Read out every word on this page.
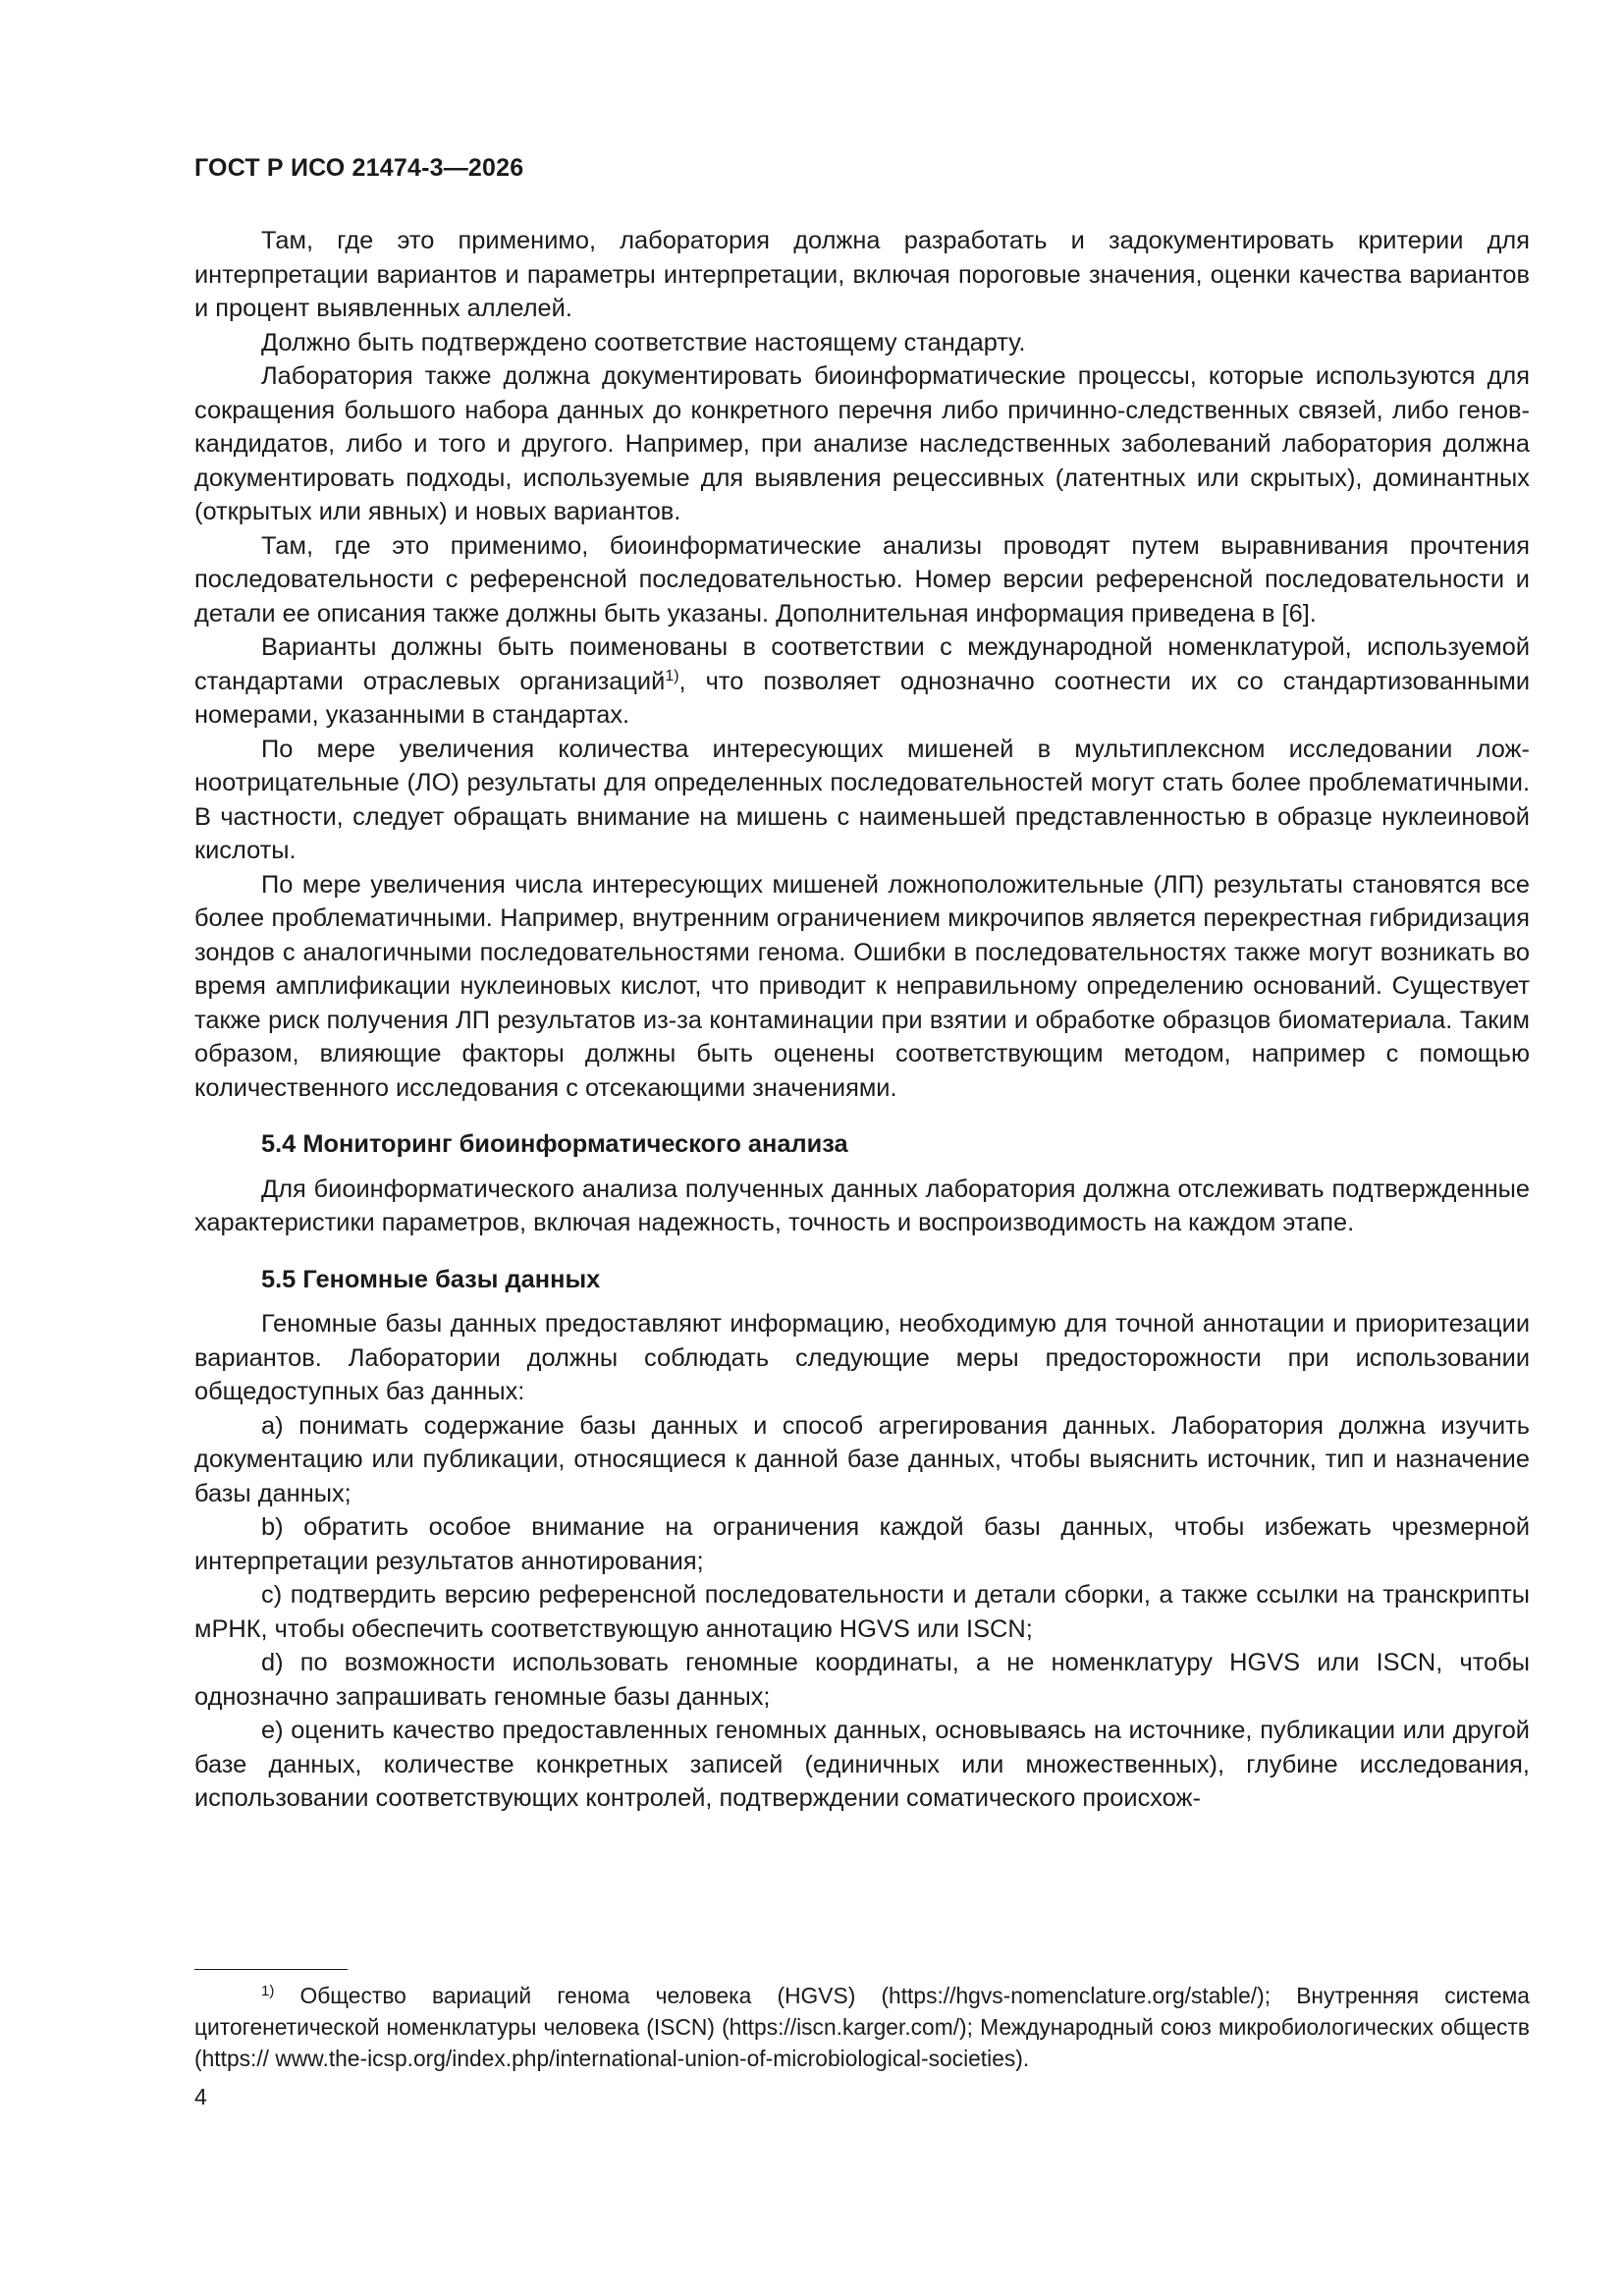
ГОСТ Р ИСО 21474-3—2026

Там, где это применимо, лаборатория должна разработать и задокументировать критерии для интерпретации вариантов и параметры интерпретации, включая пороговые значения, оценки качества вариантов и процент выявленных аллелей.

Должно быть подтверждено соответствие настоящему стандарту.

Лаборатория также должна документировать биоинформатические процессы, которые используются для сокращения большого набора данных до конкретного перечня либо причинно-следственных связей, либо генов-кандидатов, либо и того и другого. Например, при анализе наследственных заболеваний лаборатория должна документировать подходы, используемые для выявления рецессивных (латентных или скрытых), доминантных (открытых или явных) и новых вариантов.

Там, где это применимо, биоинформатические анализы проводят путем выравнивания прочтения последовательности с референсной последовательностью. Номер версии референсной последовательности и детали ее описания также должны быть указаны. Дополнительная информация приведена в [6].

Варианты должны быть поименованы в соответствии с международной номенклатурой, используемой стандартами отраслевых организаций$^{1)}$, что позволяет однозначно соотнести их со стандартизованными номерами, указанными в стандартах.

По мере увеличения количества интересующих мишеней в мультиплексном исследовании ложноотрицательные (ЛО) результаты для определенных последовательностей могут стать более проблематичными. В частности, следует обращать внимание на мишень с наименьшей представленностью в образце нуклеиновой кислоты.

По мере увеличения числа интересующих мишеней ложноположительные (ЛП) результаты становятся все более проблематичными. Например, внутренним ограничением микрочипов является перекрестная гибридизация зондов с аналогичными последовательностями генома. Ошибки в последовательностях также могут возникать во время амплификации нуклеиновых кислот, что приводит к неправильному определению оснований. Существует также риск получения ЛП результатов из-за контаминации при взятии и обработке образцов биоматериала. Таким образом, влияющие факторы должны быть оценены соответствующим методом, например с помощью количественного исследования с отсекающими значениями.

5.4 Мониторинг биоинформатического анализа

Для биоинформатического анализа полученных данных лаборатория должна отслеживать подтвержденные характеристики параметров, включая надежность, точность и воспроизводимость на каждом этапе.

5.5 Геномные базы данных

Геномные базы данных предоставляют информацию, необходимую для точной аннотации и приоритезации вариантов. Лаборатории должны соблюдать следующие меры предосторожности при использовании общедоступных баз данных:

a) понимать содержание базы данных и способ агрегирования данных. Лаборатория должна изучить документацию или публикации, относящиеся к данной базе данных, чтобы выяснить источник, тип и назначение базы данных;

b) обратить особое внимание на ограничения каждой базы данных, чтобы избежать чрезмерной интерпретации результатов аннотирования;

c) подтвердить версию референсной последовательности и детали сборки, а также ссылки на транскрипты мРНК, чтобы обеспечить соответствующую аннотацию HGVS или ISCN;

d) по возможности использовать геномные координаты, а не номенклатуру HGVS или ISCN, чтобы однозначно запрашивать геномные базы данных;

e) оценить качество предоставленных геномных данных, основываясь на источнике, публикации или другой базе данных, количестве конкретных записей (единичных или множественных), глубине исследования, использовании соответствующих контролей, подтверждении соматического происхож-

$^{1)}$ Общество вариаций генома человека (HGVS) (https://hgvs-nomenclature.org/stable/); Внутренняя система цитогенетической номенклатуры человека (ISCN) (https://iscn.karger.com/); Международный союз микробиологических обществ (https:// www.the-icsp.org/index.php/international-union-of-microbiological-societies).

4
